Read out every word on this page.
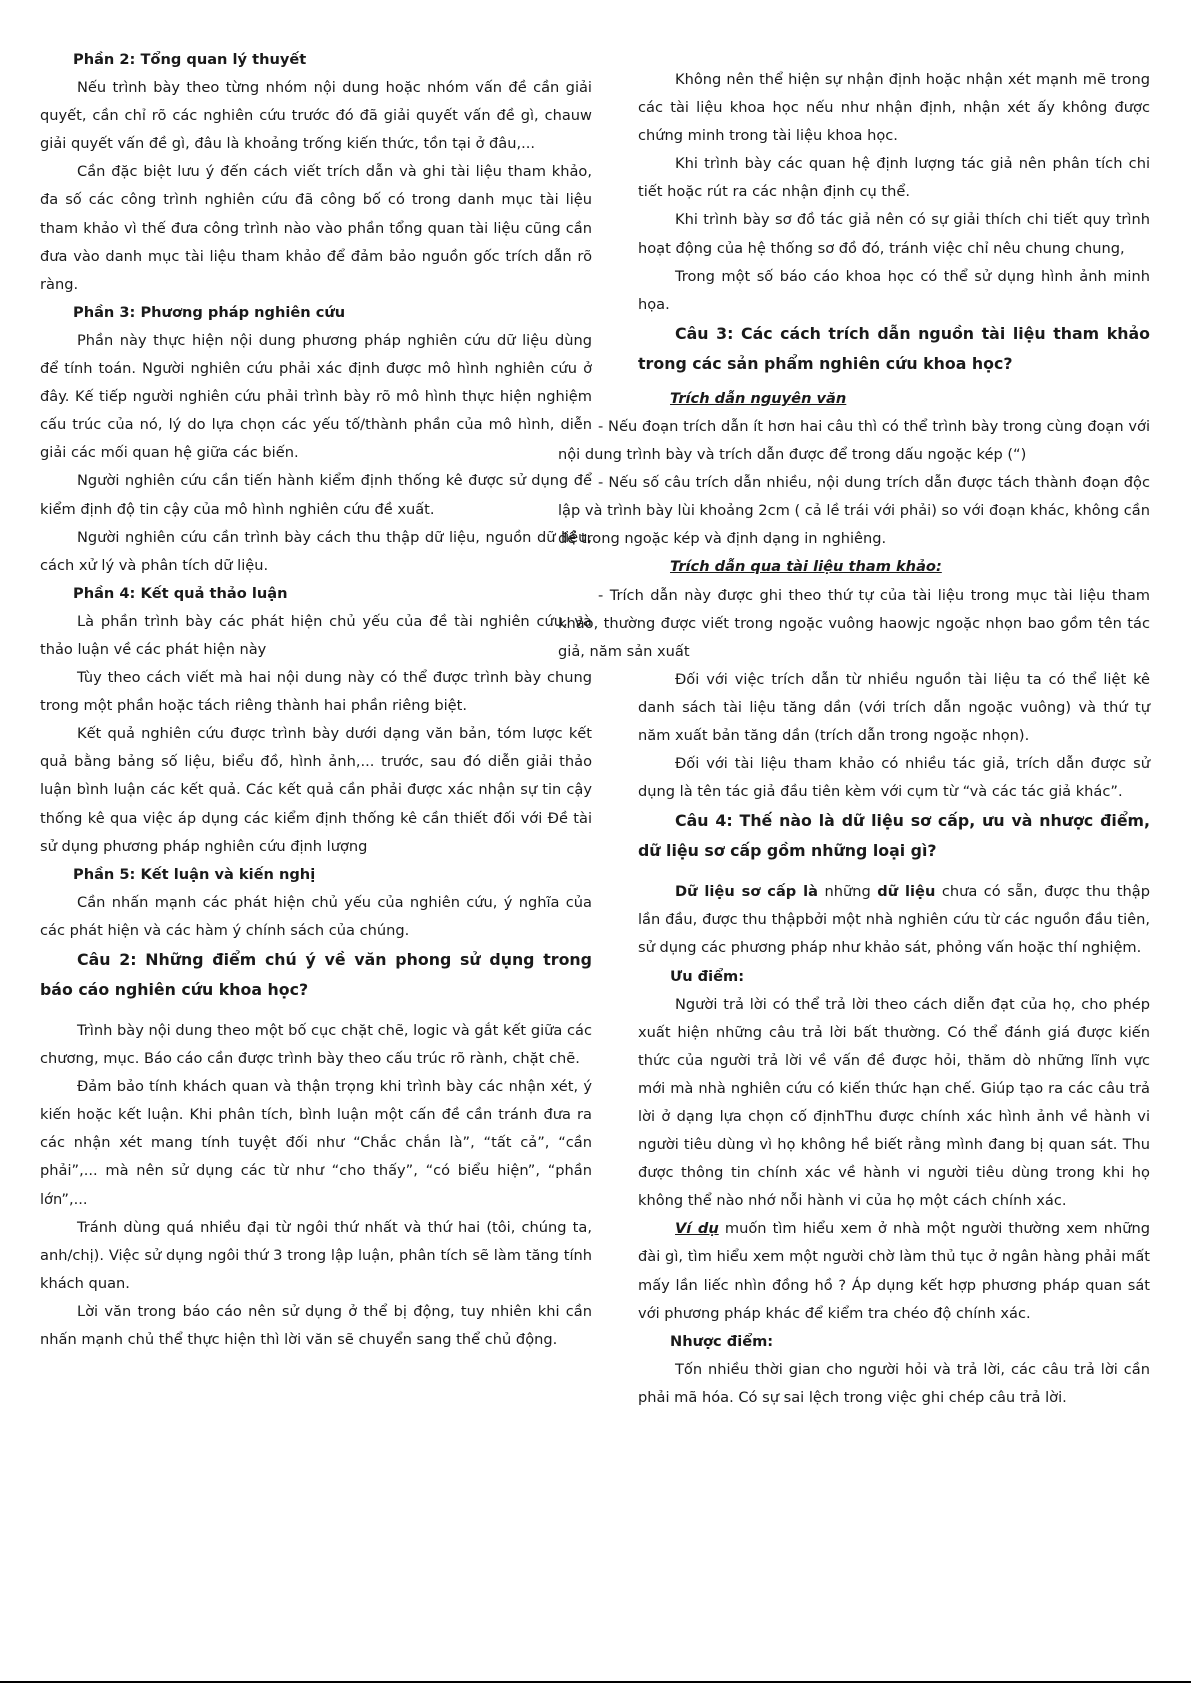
Phần 2: Tổng quan lý thuyết

Nếu trình bày theo từng nhóm nội dung hoặc nhóm vấn đề cần giải quyết, cần chỉ rõ các nghiên cứu trước đó đã giải quyết vấn đề gì, chauw giải quyết vấn đề gì, đâu là khoảng trống kiến thức, tồn tại ở đâu,...

Cần đặc biệt lưu ý đến cách viết trích dẫn và ghi tài liệu tham khảo, đa số các công trình nghiên cứu đã công bố có trong danh mục tài liệu tham khảo vì thế đưa công trình nào vào phần tổng quan tài liệu cũng cần đưa vào danh mục tài liệu tham khảo để đảm bảo nguồn gốc trích dẫn rõ ràng.

Phần 3: Phương pháp nghiên cứu

Phần này thực hiện nội dung phương pháp nghiên cứu dữ liệu dùng để tính toán. Người nghiên cứu phải xác định được mô hình nghiên cứu ở đây. Kế tiếp người nghiên cứu phải trình bày rõ mô hình thực hiện nghiệm cấu trúc của nó, lý do lựa chọn các yếu tố/thành phần của mô hình, diễn giải các mối quan hệ giữa các biến.

Người nghiên cứu cần tiến hành kiểm định thống kê được sử dụng để kiểm định độ tin cậy của mô hình nghiên cứu đề xuất.

Người nghiên cứu cần trình bày cách thu thập dữ liệu, nguồn dữ liệu, cách xử lý và phân tích dữ liệu.

Phần 4: Kết quả thảo luận

Là phần trình bày các phát hiện chủ yếu của đề tài nghiên cứu, và thảo luận về các phát hiện này

Tùy theo cách viết mà hai nội dung này có thể được trình bày chung trong một phần hoặc tách riêng thành hai phần riêng biệt.

Kết quả nghiên cứu được trình bày dưới dạng văn bản, tóm lược kết quả bằng bảng số liệu, biểu đồ, hình ảnh,... trước, sau đó diễn giải thảo luận bình luận các kết quả. Các kết quả cần phải được xác nhận sự tin cậy thống kê qua việc áp dụng các kiểm định thống kê cần thiết đối với Đề tài sử dụng phương pháp nghiên cứu định lượng

Phần 5: Kết luận và kiến nghị

Cần nhấn mạnh các phát hiện chủ yếu của nghiên cứu, ý nghĩa của các phát hiện và các hàm ý chính sách của chúng.

Câu 2: Những điểm chú ý về văn phong sử dụng trong báo cáo nghiên cứu khoa học?

Trình bày nội dung theo một bố cục chặt chẽ, logic và gắt kết giữa các chương, mục. Báo cáo cần được trình bày theo cấu trúc rõ rành, chặt chẽ.

Đảm bảo tính khách quan và thận trọng khi trình bày các nhận xét, ý kiến hoặc kết luận. Khi phân tích, bình luận một cấn đề cần tránh đưa ra các nhận xét mang tính tuyệt đối như “Chắc chắn là”, “tất cả”, “cần phải”,... mà nên sử dụng các từ như “cho thấy”, “có biểu hiện”, “phần lớn”,...

Tránh dùng quá nhiều đại từ ngôi thứ nhất và thứ hai (tôi, chúng ta, anh/chị). Việc sử dụng ngôi thứ 3 trong lập luận, phân tích sẽ làm tăng tính khách quan.

Lời văn trong báo cáo nên sử dụng ở thể bị động, tuy nhiên khi cần nhấn mạnh chủ thể thực hiện thì lời văn sẽ chuyển sang thể chủ động.

Không nên thể hiện sự nhận định hoặc nhận xét mạnh mẽ trong các tài liệu khoa học nếu như nhận định, nhận xét ấy không được chứng minh trong tài liệu khoa học.

Khi trình bày các quan hệ định lượng tác giả nên phân tích chi tiết hoặc rút ra các nhận định cụ thể.

Khi trình bày sơ đồ tác giả nên có sự giải thích chi tiết quy trình hoạt động của hệ thống sơ đồ đó, tránh việc chỉ nêu chung chung,

Trong một số báo cáo khoa học có thể sử dụng hình ảnh minh họa.

Câu 3: Các cách trích dẫn nguồn tài liệu tham khảo trong các sản phẩm nghiên cứu khoa học?

Trích dẫn nguyên văn

- Nếu đoạn trích dẫn ít hơn hai câu thì có thể trình bày trong cùng đoạn với nội dung trình bày và trích dẫn được để trong dấu ngoặc kép (“)

- Nếu số câu trích dẫn nhiều, nội dung trích dẫn được tách thành đoạn độc lập và trình bày lùi khoảng 2cm ( cả lề trái với phải) so với đoạn khác, không cần để trong ngoặc kép và định dạng in nghiêng.

Trích dẫn qua tài liệu tham khảo:

- Trích dẫn này được ghi theo thứ tự của tài liệu trong mục tài liệu tham khảo, thường được viết trong ngoặc vuông haowjc ngoặc nhọn bao gồm tên tác giả, năm sản xuất

Đối với việc trích dẫn từ nhiều nguồn tài liệu ta có thể liệt kê danh sách tài liệu tăng dần (với trích dẫn ngoặc vuông) và thứ tự năm xuất bản tăng dần (trích dẫn trong ngoặc nhọn).

Đối với tài liệu tham khảo có nhiều tác giả, trích dẫn được sử dụng là tên tác giả đầu tiên kèm với cụm từ “và các tác giả khác”.

Câu 4: Thế nào là dữ liệu sơ cấp, ưu và nhược điểm, dữ liệu sơ cấp gồm những loại gì?

Dữ liệu sơ cấp là những dữ liệu chưa có sẵn, được thu thập lần đầu, được thu thậpbởi một nhà nghiên cứu từ các nguồn đầu tiên, sử dụng các phương pháp như khảo sát, phỏng vấn hoặc thí nghiệm.

Ưu điểm:

Người trả lời có thể trả lời theo cách diễn đạt của họ, cho phép xuất hiện những câu trả lời bất thường. Có thể đánh giá được kiến thức của người trả lời về vấn đề được hỏi, thăm dò những lĩnh vực mới mà nhà nghiên cứu có kiến thức hạn chế. Giúp tạo ra các câu trả lời ở dạng lựa chọn cố địnhThu được chính xác hình ảnh về hành vi người tiêu dùng vì họ không hề biết rằng mình đang bị quan sát. Thu được thông tin chính xác về hành vi người tiêu dùng trong khi họ không thể nào nhớ nỗi hành vi của họ một cách chính xác.

Ví dụ muốn tìm hiểu xem ở nhà một người thường xem những đài gì, tìm hiểu xem một người chờ làm thủ tục ở ngân hàng phải mất mấy lần liếc nhìn đồng hồ ? Áp dụng kết hợp phương pháp quan sát với phương pháp khác để kiểm tra chéo độ chính xác.

Nhược điểm:

Tốn nhiều thời gian cho người hỏi và trả lời, các câu trả lời cần phải mã hóa. Có sự sai lệch trong việc ghi chép câu trả lời.
